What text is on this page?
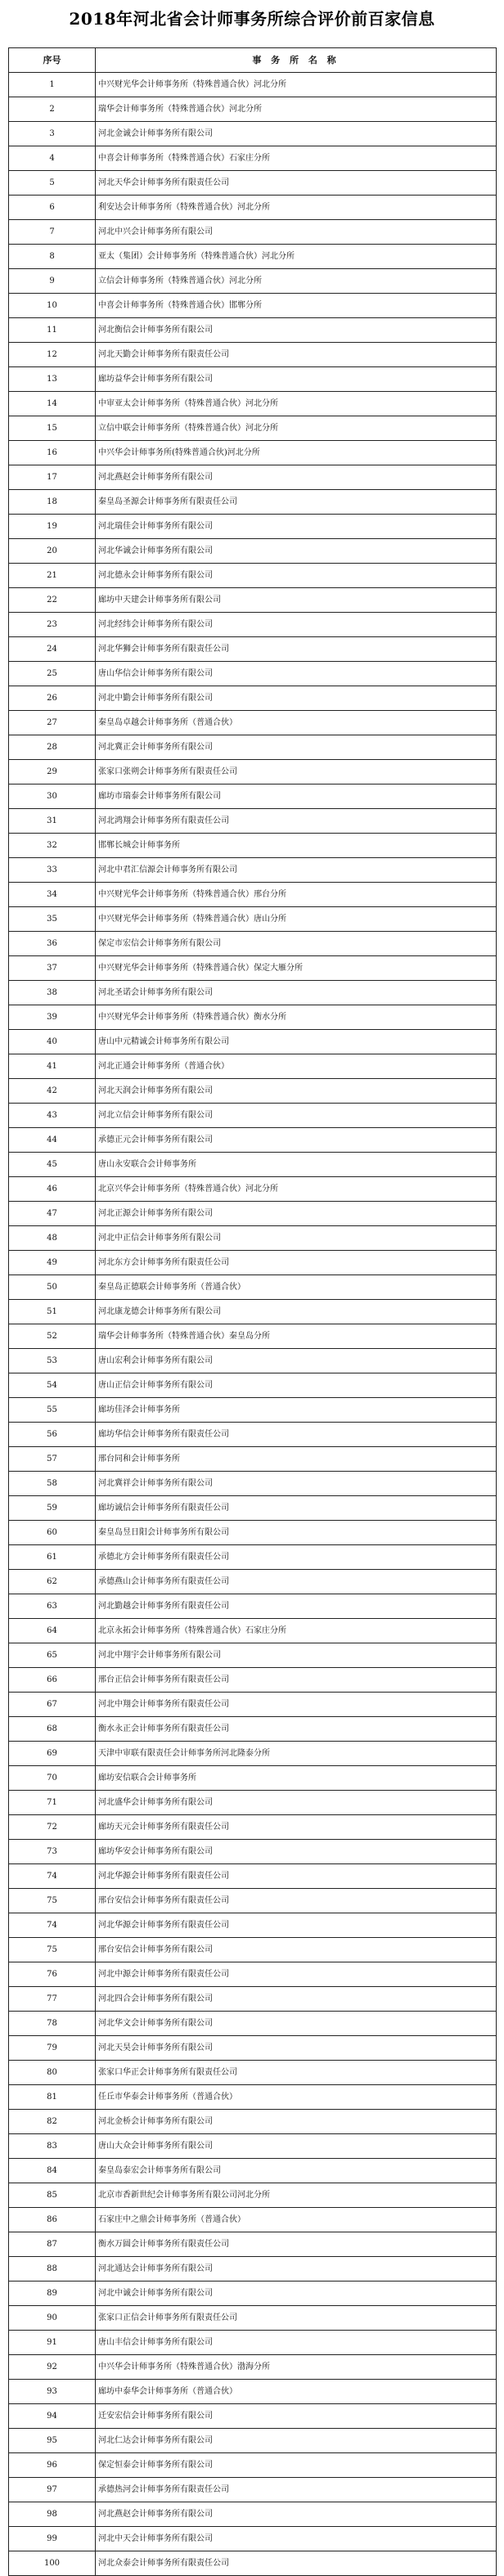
2018年河北省会计师事务所综合评价前百家信息
序号	事 务 所 名 称
1	中兴财光华会计师事务所（特殊普通合伙）河北分所
2	瑞华会计师事务所（特殊普通合伙）河北分所
3	河北金诚会计师事务所有限公司
4	中喜会计师事务所（特殊普通合伙）石家庄分所
5	河北天华会计师事务所有限责任公司
6	利安达会计师事务所（特殊普通合伙）河北分所
7	河北中兴会计师事务所有限公司
8	亚太（集团）会计师事务所（特殊普通合伙）河北分所
9	立信会计师事务所（特殊普通合伙）河北分所
10	中喜会计师事务所（特殊普通合伙）邯郸分所
11	河北衡信会计师事务所有限公司
12	河北天勤会计师事务所有限责任公司
13	廊坊益华会计师事务所有限公司
14	中审亚太会计师事务所（特殊普通合伙）河北分所
15	立信中联会计师事务所（特殊普通合伙）河北分所
16	中兴华会计师事务所(特殊普通合伙)河北分所
17	河北燕赵会计师事务所有限公司
18	秦皇岛圣源会计师事务所有限责任公司
19	河北瑞佳会计师事务所有限公司
20	河北华诚会计师事务所有限公司
21	河北德永会计师事务所有限公司
22	廊坊中天建会计师事务所有限公司
23	河北经纬会计师事务所有限公司
24	河北华狮会计师事务所有限责任公司
25	唐山华信会计师事务所有限公司
26	河北中勤会计师事务所有限公司
27	秦皇岛卓越会计师事务所（普通合伙）
28	河北冀正会计师事务所有限公司
29	张家口张朔会计师事务所有限责任公司
30	廊坊市瑞泰会计师事务所有限公司
31	河北鸿翔会计师事务所有限责任公司
32	邯郸长城会计师事务所
33	河北中君汇信源会计师事务所有限公司
34	中兴财光华会计师事务所（特殊普通合伙）邢台分所
35	中兴财光华会计师事务所（特殊普通合伙）唐山分所
36	保定市宏信会计师事务所有限公司
37	中兴财光华会计师事务所（特殊普通合伙）保定大雁分所
38	河北圣诺会计师事务所有限公司
39	中兴财光华会计师事务所（特殊普通合伙）衡水分所
40	唐山中元精诚会计师事务所有限公司
41	河北正通会计师事务所（普通合伙）
42	河北天润会计师事务所有限公司
43	河北立信会计师事务所有限公司
44	承德正元会计师事务所有限公司
45	唐山永安联合会计师事务所
46	北京兴华会计师事务所（特殊普通合伙）河北分所
47	河北正源会计师事务所有限公司
48	河北中正信会计师事务所有限公司
49	河北东方会计师事务所有限责任公司
50	秦皇岛正德联会计师事务所（普通合伙）
51	河北康龙德会计师事务所有限公司
52	瑞华会计师事务所（特殊普通合伙）秦皇岛分所
53	唐山宏利会计师事务所有限公司
54	唐山正信会计师事务所有限公司
55	廊坊佳泽会计师事务所
56	廊坊华信会计师事务所有限责任公司
57	邢台同和会计师事务所
58	河北冀祥会计师事务所有限公司
59	廊坊诚信会计师事务所有限责任公司
60	秦皇岛昱日阳会计师事务所有限公司
61	承德北方会计师事务所有限责任公司
62	承德燕山会计师事务所有限责任公司
63	河北勤越会计师事务所有限责任公司
64	北京永拓会计师事务所（特殊普通合伙）石家庄分所
65	河北中翔宇会计师事务所有限公司
66	邢台正信会计师事务所有限责任公司
67	河北中翔会计师事务所有限责任公司
68	衡水永正会计师事务所有限责任公司
69	天津中审联有限责任会计师事务所河北隆泰分所
70	廊坊安信联合会计师事务所
71	河北盛华会计师事务所有限公司
72	廊坊天元会计师事务所有限责任公司
73	廊坊华安会计师事务所有限公司
74	河北华源会计师事务所有限责任公司
75	邢台安信会计师事务所有限责任公司
74	河北华源会计师事务所有限责任公司
75	邢台安信会计师事务所有限公司
76	河北中源会计师事务所有限责任公司
77	河北四合会计师事务所有限公司
78	河北华文会计师事务所有限公司
79	河北天昊会计师事务所有限公司
80	张家口华正会计师事务所有限责任公司
81	任丘市华泰会计师事务所（普通合伙）
82	河北金桥会计师事务所有限公司
83	唐山大众会计师事务所有限公司
84	秦皇岛泰宏会计师事务所有限公司
85	北京市香新世纪会计师事务所有限公司河北分所
86	石家庄中之鼎会计师事务所（普通合伙）
87	衡水万圆会计师事务所有限责任公司
88	河北通达会计师事务所有限公司
89	河北中诚会计师事务所有限公司
90	张家口正信会计师事务所有限责任公司
91	唐山丰信会计师事务所有限公司
92	中兴华会计师事务所（特殊普通合伙）渤海分所
93	廊坊中泰华会计师事务所（普通合伙）
94	迁安宏信会计师事务所有限公司
95	河北仁达会计师事务所有限公司
96	保定恒泰会计师事务所有限公司
97	承德热河会计师事务所有限责任公司
98	河北燕赵会计师事务所有限公司
99	河北中天会计师事务所有限公司
100	河北众泰会计师事务所有限责任公司
